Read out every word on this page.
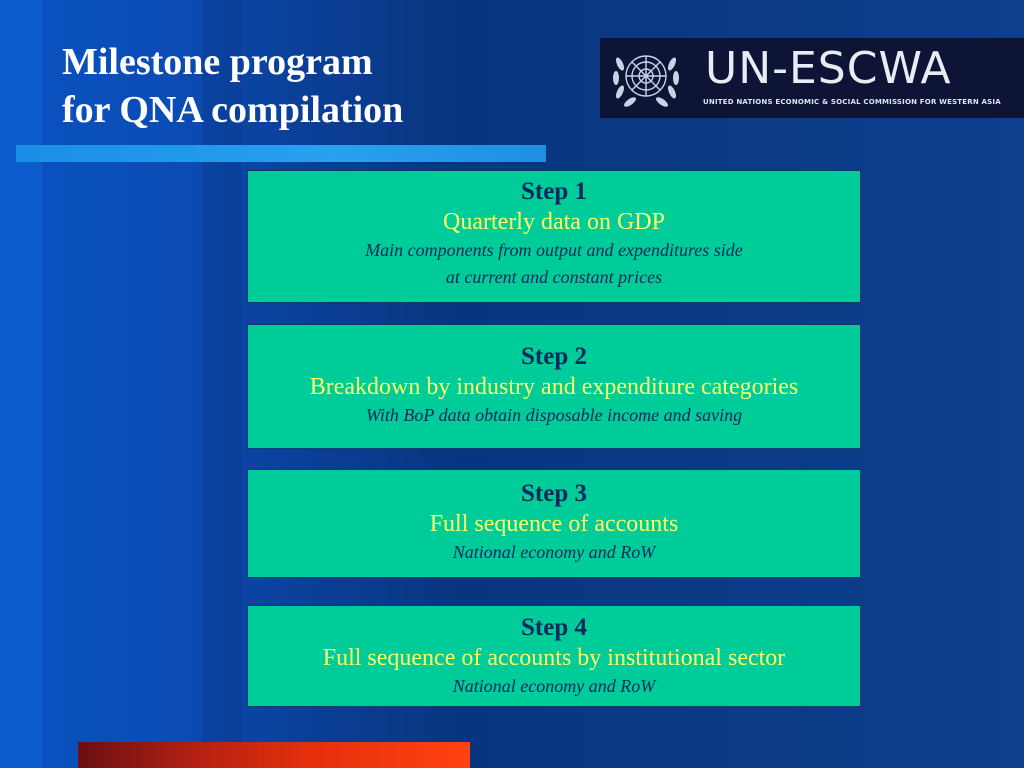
Milestone program
for QNA compilation
UN-ESCWA
UNITED NATIONS ECONOMIC & SOCIAL COMMISSION FOR WESTERN ASIA
Step 1
Quarterly data on GDP
Main components from output and expenditures side
at current and constant prices
Step 2
Breakdown by industry and expenditure categories
With BoP data obtain disposable income and saving
Step 3
Full sequence of accounts
National economy and RoW
Step 4
Full sequence of accounts by institutional sector
National economy and RoW
